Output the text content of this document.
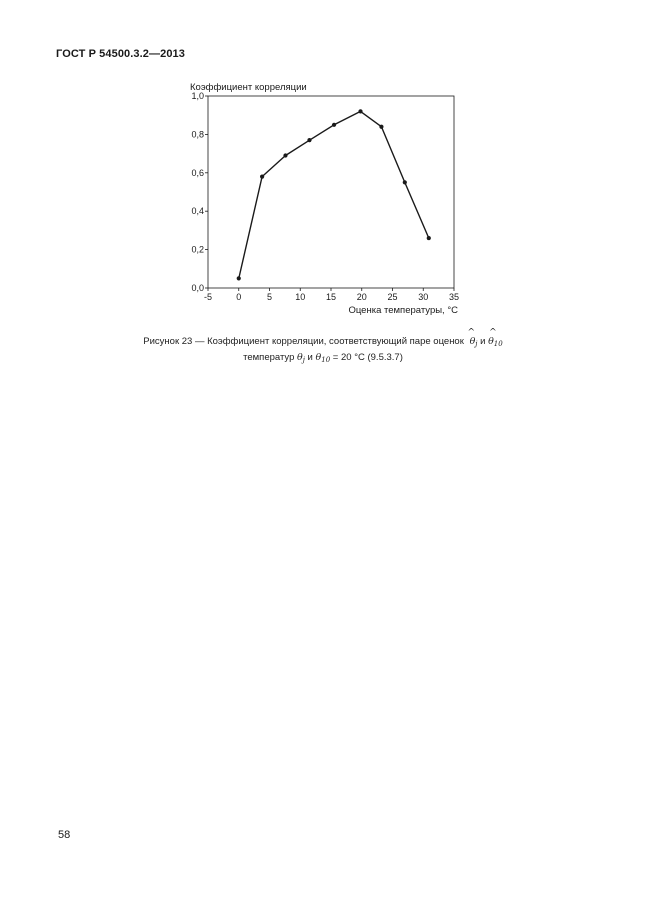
ГОСТ Р 54500.3.2—2013
Коэффициент корреляции
Оценка температуры, °C
-5	0	5	10 15 20 25 30 35
0,0
0,2
0,4
0,6
0,8
1,0
Рисунок 23 — Коэффициент корреляции, соответствующий паре оценок
^
$\theta_j$ и
^
$\theta_{10}$
температур $\theta_j$ и $\theta_{10} = 20$ °C (9.5.3.7)
58
